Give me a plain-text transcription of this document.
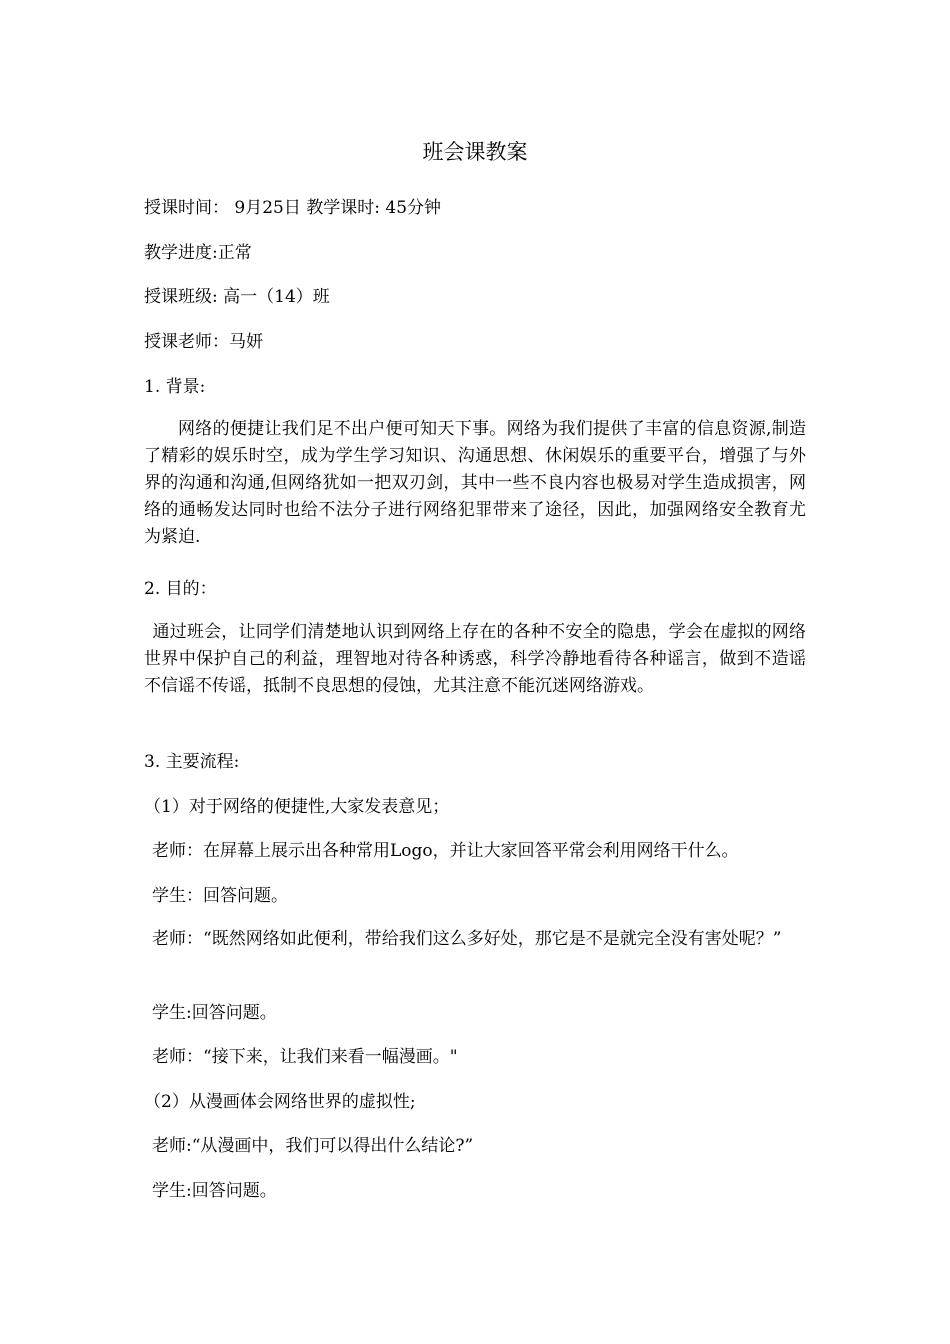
班会课教案
授课时间： 9月25日 教学课时: 45分钟
教学进度:正常
授课班级: 高一（14）班
授课老师：马妍
1. 背景:
网络的便捷让我们足不出户便可知天下事。网络为我们提供了丰富的信息资源,制造了精彩的娱乐时空，成为学生学习知识、沟通思想、休闲娱乐的重要平台，增强了与外界的沟通和沟通,但网络犹如一把双刃剑，其中一些不良内容也极易对学生造成损害，网络的通畅发达同时也给不法分子进行网络犯罪带来了途径，因此，加强网络安全教育尤为紧迫.
2. 目的：
通过班会，让同学们清楚地认识到网络上存在的各种不安全的隐患，学会在虚拟的网络世界中保护自己的利益，理智地对待各种诱惑，科学冷静地看待各种谣言，做到不造谣不信谣不传谣，抵制不良思想的侵蚀，尤其注意不能沉迷网络游戏。
3. 主要流程:
（1）对于网络的便捷性,大家发表意见；
老师：在屏幕上展示出各种常用Logo，并让大家回答平常会利用网络干什么。
学生：回答问题。
老师：“既然网络如此便利，带给我们这么多好处，那它是不是就完全没有害处呢？”
学生:回答问题。
老师：“接下来，让我们来看一幅漫画。"
（2）从漫画体会网络世界的虚拟性;
老师:“从漫画中，我们可以得出什么结论?”
学生:回答问题。
